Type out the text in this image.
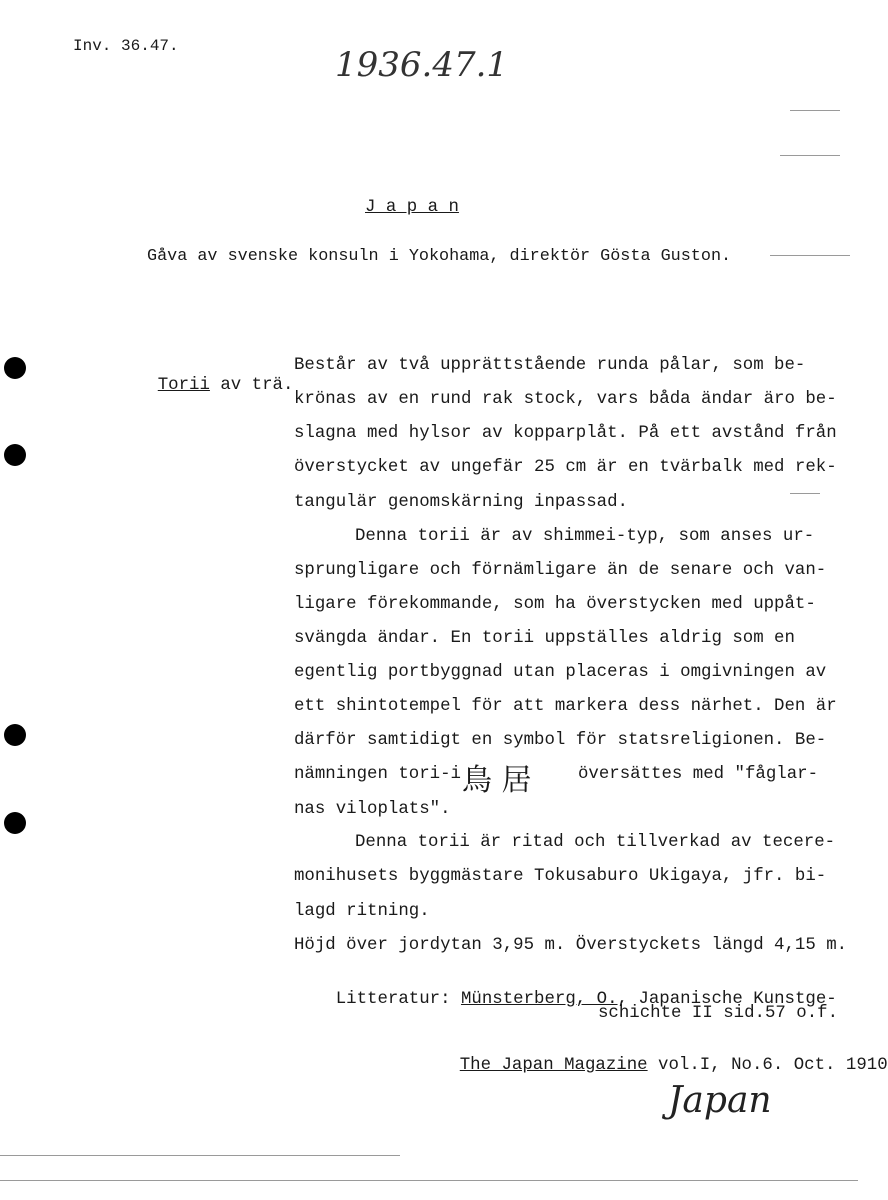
Inv. 36.47.	1936.47.1
J a p a n
Gåva av svenske konsuln i Yokohama, direktör Gösta Guston.

Torii av trä.

Består av två upprättstående runda pålar, som be-
krönas av en rund rak stock, vars båda ändar äro be-
slagna med hylsor av kopparplåt. På ett avstånd från
överstycket av ungefär 25 cm är en tvärbalk med rek-
tangulär genomskärning inpassad.
Denna torii är av shimmei-typ, som anses ur-
sprungligare och förnämligare än de senare och van-
ligare förekommande, som ha överstycken med uppåt-
svängda ändar. En torii uppställes aldrig som en
egentlig portbyggnad utan placeras i omgivningen av
ett shintotempel för att markera dess närhet. Den är
därför samtidigt en symbol för statsreligionen. Be-
nämningen tori-i 鳥 居	översättes med "fåglar-
nas viloplats".
Denna torii är ritad och tillverkad av tecere-
monihusets byggmästare Tokusaburo Ukigaya, jfr. bi-
lagd ritning.
Höjd över jordytan 3,95 m. Överstyckets längd 4,15 m.

Litteratur: Münsterberg, O., Japanische Kunstge-

schichte II sid.57 o.f.

The Japan Magazine vol.I, No.6. Oct. 1910

Japan
